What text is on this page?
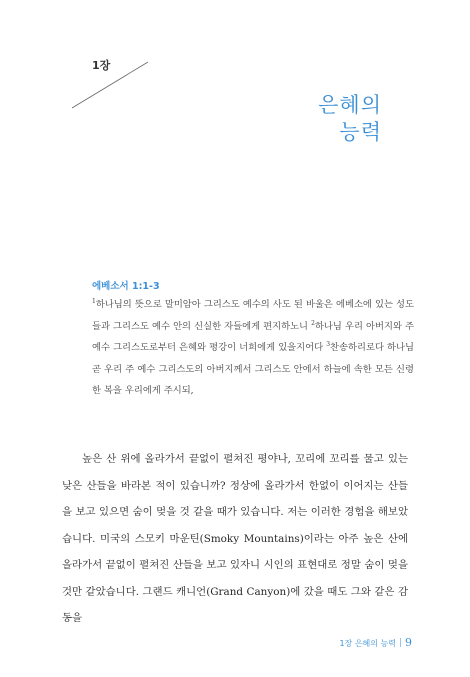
1장
은혜의
능력
에베소서 1:1-3
$^1$하나님의 뜻으로 말미암아 그리스도 예수의 사도 된 바울은 에베소에 있는 성도들과 그리스도 예수 안의 신실한 자들에게 편지하노니 $^2$하나님 우리 아버지와 주 예수 그리스도로부터 은혜와 평강이 너희에게 있을지어다 $^3$찬송하리로다 하나님 곧 우리 주 예수 그리스도의 아버지께서 그리스도 안에서 하늘에 속한 모든 신령한 복을 우리에게 주시되,
높은 산 위에 올라가서 끝없이 펼쳐진 평야나, 꼬리에 꼬리를 물고 있는 낮은 산들을 바라본 적이 있습니까? 정상에 올라가서 한없이 이어지는 산들을 보고 있으면 숨이 멎을 것 같을 때가 있습니다. 저는 이러한 경험을 해보았습니다. 미국의 스모키 마운틴(Smoky Mountains)이라는 아주 높은 산에 올라가서 끝없이 펼쳐진 산들을 보고 있자니 시인의 표현대로 정말 숨이 멎을 것만 같았습니다. 그랜드 캐니언(Grand Canyon)에 갔을 때도 그와 같은 감동을
1장 은혜의 능력 9
